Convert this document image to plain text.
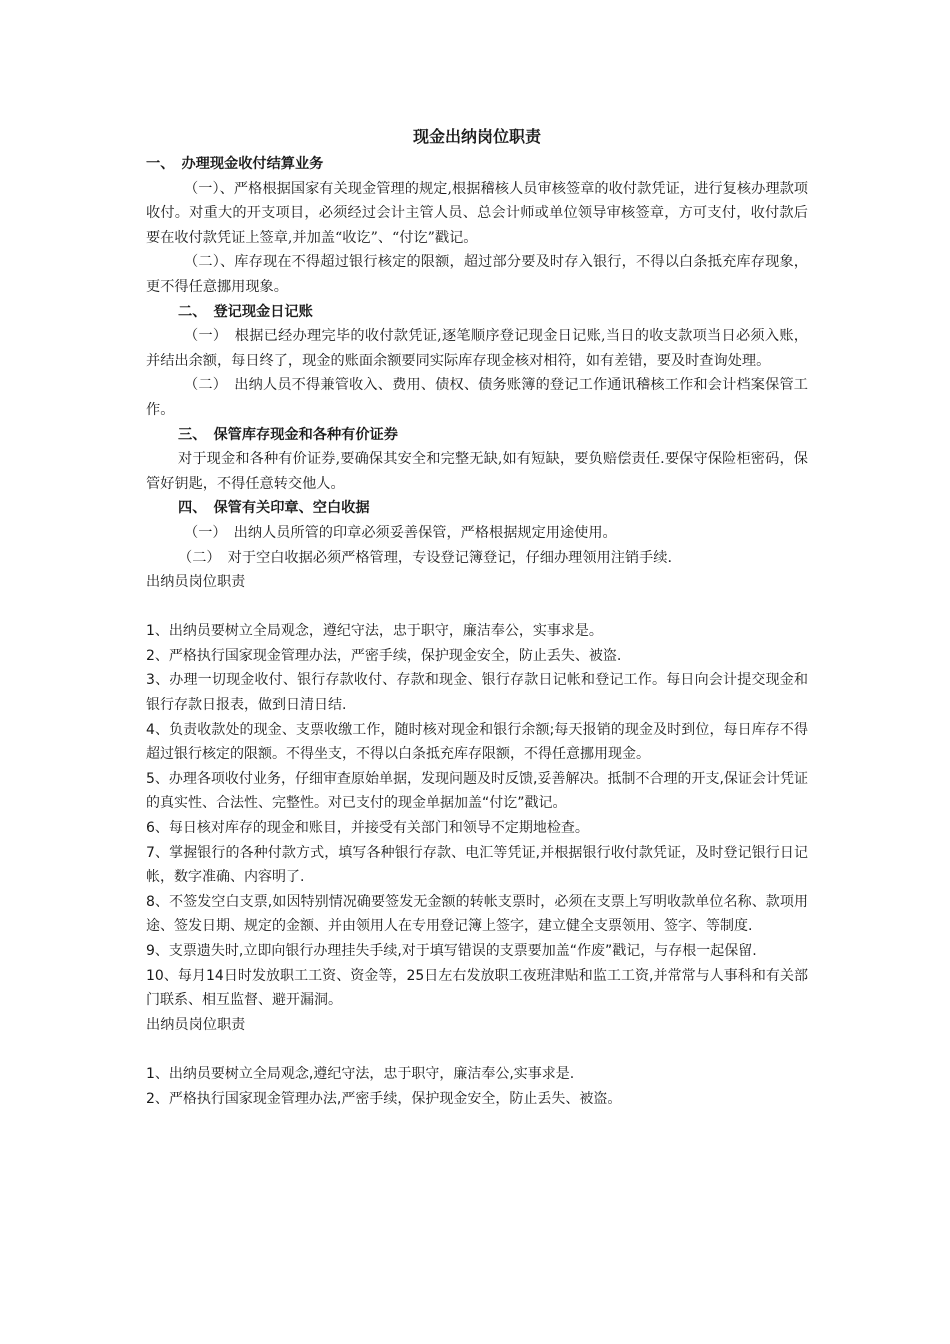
现金出纳岗位职责

一、　办理现金收付结算业务

（一）、严格根据国家有关现金管理的规定,根据稽核人员审核签章的收付款凭证，进行复核办理款项收付。对重大的开支项目，必须经过会计主管人员、总会计师或单位领导审核签章，方可支付，收付款后要在收付款凭证上签章,并加盖“收讫”、“付讫”戳记。

（二）、库存现在不得超过银行核定的限额，超过部分要及时存入银行，不得以白条抵充库存现象，更不得任意挪用现象。

二、　登记现金日记账

（一）　根据已经办理完毕的收付款凭证,逐笔顺序登记现金日记账,当日的收支款项当日必须入账，并结出余额，每日终了，现金的账面余额要同实际库存现金核对相符，如有差错，要及时查询处理。

（二）　出纳人员不得兼管收入、费用、债权、债务账簿的登记工作通讯稽核工作和会计档案保管工作。

三、　保管库存现金和各种有价证券

对于现金和各种有价证券,要确保其安全和完整无缺,如有短缺，要负赔偿责任.要保守保险柜密码，保管好钥匙，不得任意转交他人。

四、　保管有关印章、空白收据

（一）　出纳人员所管的印章必须妥善保管，严格根据规定用途使用。

（二）　对于空白收据必须严格管理，专设登记簿登记，仔细办理领用注销手续.

出纳员岗位职责

1、出纳员要树立全局观念，遵纪守法，忠于职守，廉洁奉公，实事求是。

2、严格执行国家现金管理办法，严密手续，保护现金安全，防止丢失、被盗.

3、办理一切现金收付、银行存款收付、存款和现金、银行存款日记帐和登记工作。每日向会计提交现金和银行存款日报表，做到日清日结.

4、负责收款处的现金、支票收缴工作，随时核对现金和银行余额;每天报销的现金及时到位，每日库存不得超过银行核定的限额。不得坐支，不得以白条抵充库存限额，不得任意挪用现金。

5、办理各项收付业务，仔细审查原始单据，发现问题及时反馈,妥善解决。抵制不合理的开支,保证会计凭证的真实性、合法性、完整性。对已支付的现金单据加盖“付讫”戳记。

6、每日核对库存的现金和账目，并接受有关部门和领导不定期地检查。

7、掌握银行的各种付款方式，填写各种银行存款、电汇等凭证,并根据银行收付款凭证，及时登记银行日记帐，数字准确、内容明了.

8、不签发空白支票,如因特别情况确要签发无金额的转帐支票时，必须在支票上写明收款单位名称、款项用途、签发日期、规定的金额、并由领用人在专用登记簿上签字，建立健全支票领用、签字、等制度.

9、支票遗失时,立即向银行办理挂失手续,对于填写错误的支票要加盖“作废”戳记，与存根一起保留.

10、每月14日时发放职工工资、资金等，25日左右发放职工夜班津贴和监工工资,并常常与人事科和有关部门联系、相互监督、避开漏洞。

出纳员岗位职责

1、出纳员要树立全局观念,遵纪守法，忠于职守，廉洁奉公,实事求是.

2、严格执行国家现金管理办法,严密手续，保护现金安全，防止丢失、被盗。
